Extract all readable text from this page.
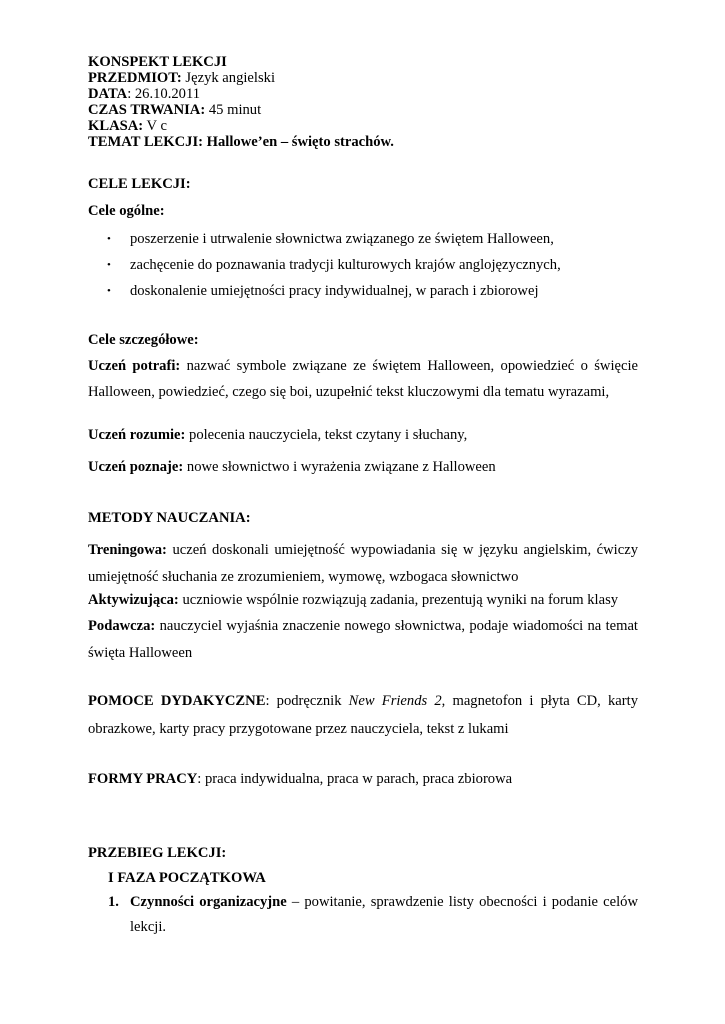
KONSPEKT LEKCJI
PRZEDMIOT: Język angielski
DATA: 26.10.2011
CZAS TRWANIA: 45 minut
KLASA: V c
TEMAT LEKCJI: Hallowe’en – święto strachów.
CELE LEKCJI:
Cele ogólne:
• poszerzenie i utrwalenie słownictwa związanego ze świętem Halloween,
• zachęcenie do poznawania tradycji kulturowych krajów anglojęzycznych,
• doskonalenie umiejętności pracy indywidualnej, w parach i zbiorowej
Cele szczegółowe:
Uczeń potrafi: nazwać symbole związane ze świętem Halloween, opowiedzieć o święcie
Halloween, powiedzieć, czego się boi, uzupełnić tekst kluczowymi dla tematu wyrazami,
Uczeń rozumie: polecenia nauczyciela, tekst czytany i słuchany,
Uczeń poznaje: nowe słownictwo i wyrażenia związane z Halloween
METODY NAUCZANIA:
Treningowa: uczeń doskonali umiejętność wypowiadania się w języku angielskim, ćwiczy
umiejętność słuchania ze zrozumieniem, wymowę, wzbogaca słownictwo
Aktywizująca: uczniowie wspólnie rozwiązują zadania, prezentują wyniki na forum klasy
Podawcza: nauczyciel wyjaśnia znaczenie nowego słownictwa, podaje wiadomości na temat
święta Halloween
POMOCE DYDAKYCZNE: podręcznik New Friends 2, magnetofon i płyta CD, karty
obrazkowe, karty pracy przygotowane przez nauczyciela, tekst z lukami
FORMY PRACY: praca indywidualna, praca w parach, praca zbiorowa
PRZEBIEG LEKCJI:
I FAZA POCZĄTKOWA
1. Czynności organizacyjne – powitanie, sprawdzenie listy obecności i podanie celów
lekcji.
